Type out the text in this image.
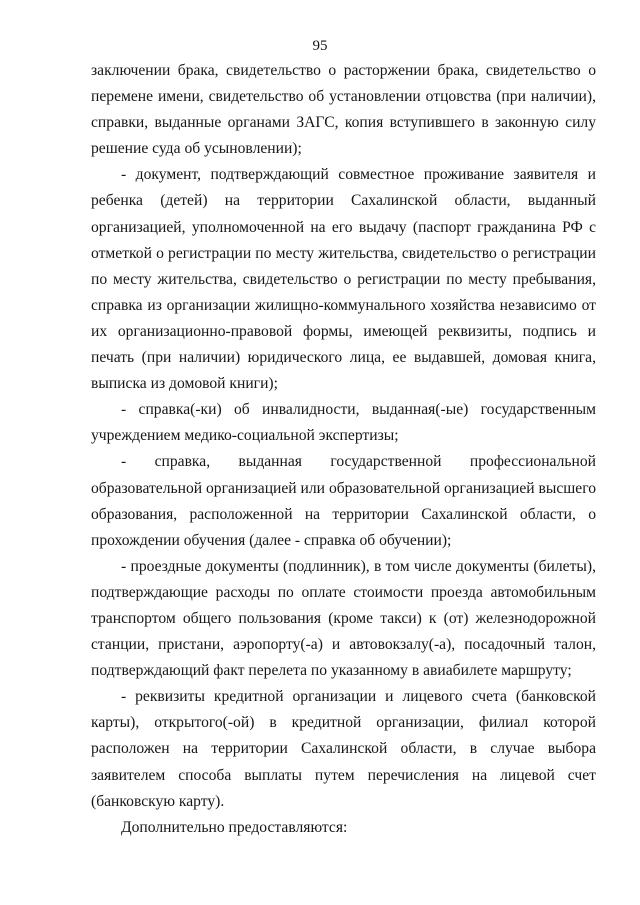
95

заключении брака, свидетельство о расторжении брака, свидетельство о перемене имени, свидетельство об установлении отцовства (при наличии), справки, выданные органами ЗАГС, копия вступившего в законную силу решение суда об усыновлении);

- документ, подтверждающий совместное проживание заявителя и ребенка (детей) на территории Сахалинской области, выданный организацией, уполномоченной на его выдачу (паспорт гражданина РФ с отметкой о регистрации по месту жительства, свидетельство о регистрации по месту жительства, свидетельство о регистрации по месту пребывания, справка из организации жилищно-коммунального хозяйства независимо от их организационно-правовой формы, имеющей реквизиты, подпись и печать (при наличии) юридического лица, ее выдавшей, домовая книга, выписка из домовой книги);

- справка(-ки) об инвалидности, выданная(-ые) государственным учреждением медико-социальной экспертизы;

- справка, выданная государственной профессиональной образовательной организацией или образовательной организацией высшего образования, расположенной на территории Сахалинской области, о прохождении обучения (далее - справка об обучении);

- проездные документы (подлинник), в том числе документы (билеты), подтверждающие расходы по оплате стоимости проезда автомобильным транспортом общего пользования (кроме такси) к (от) железнодорожной станции, пристани, аэропорту(-а) и автовокзалу(-а), посадочный талон, подтверждающий факт перелета по указанному в авиабилете маршруту;

- реквизиты кредитной организации и лицевого счета (банковской карты), открытого(-ой) в кредитной организации, филиал которой расположен на территории Сахалинской области, в случае выбора заявителем способа выплаты путем перечисления на лицевой счет (банковскую карту).

Дополнительно предоставляются:
